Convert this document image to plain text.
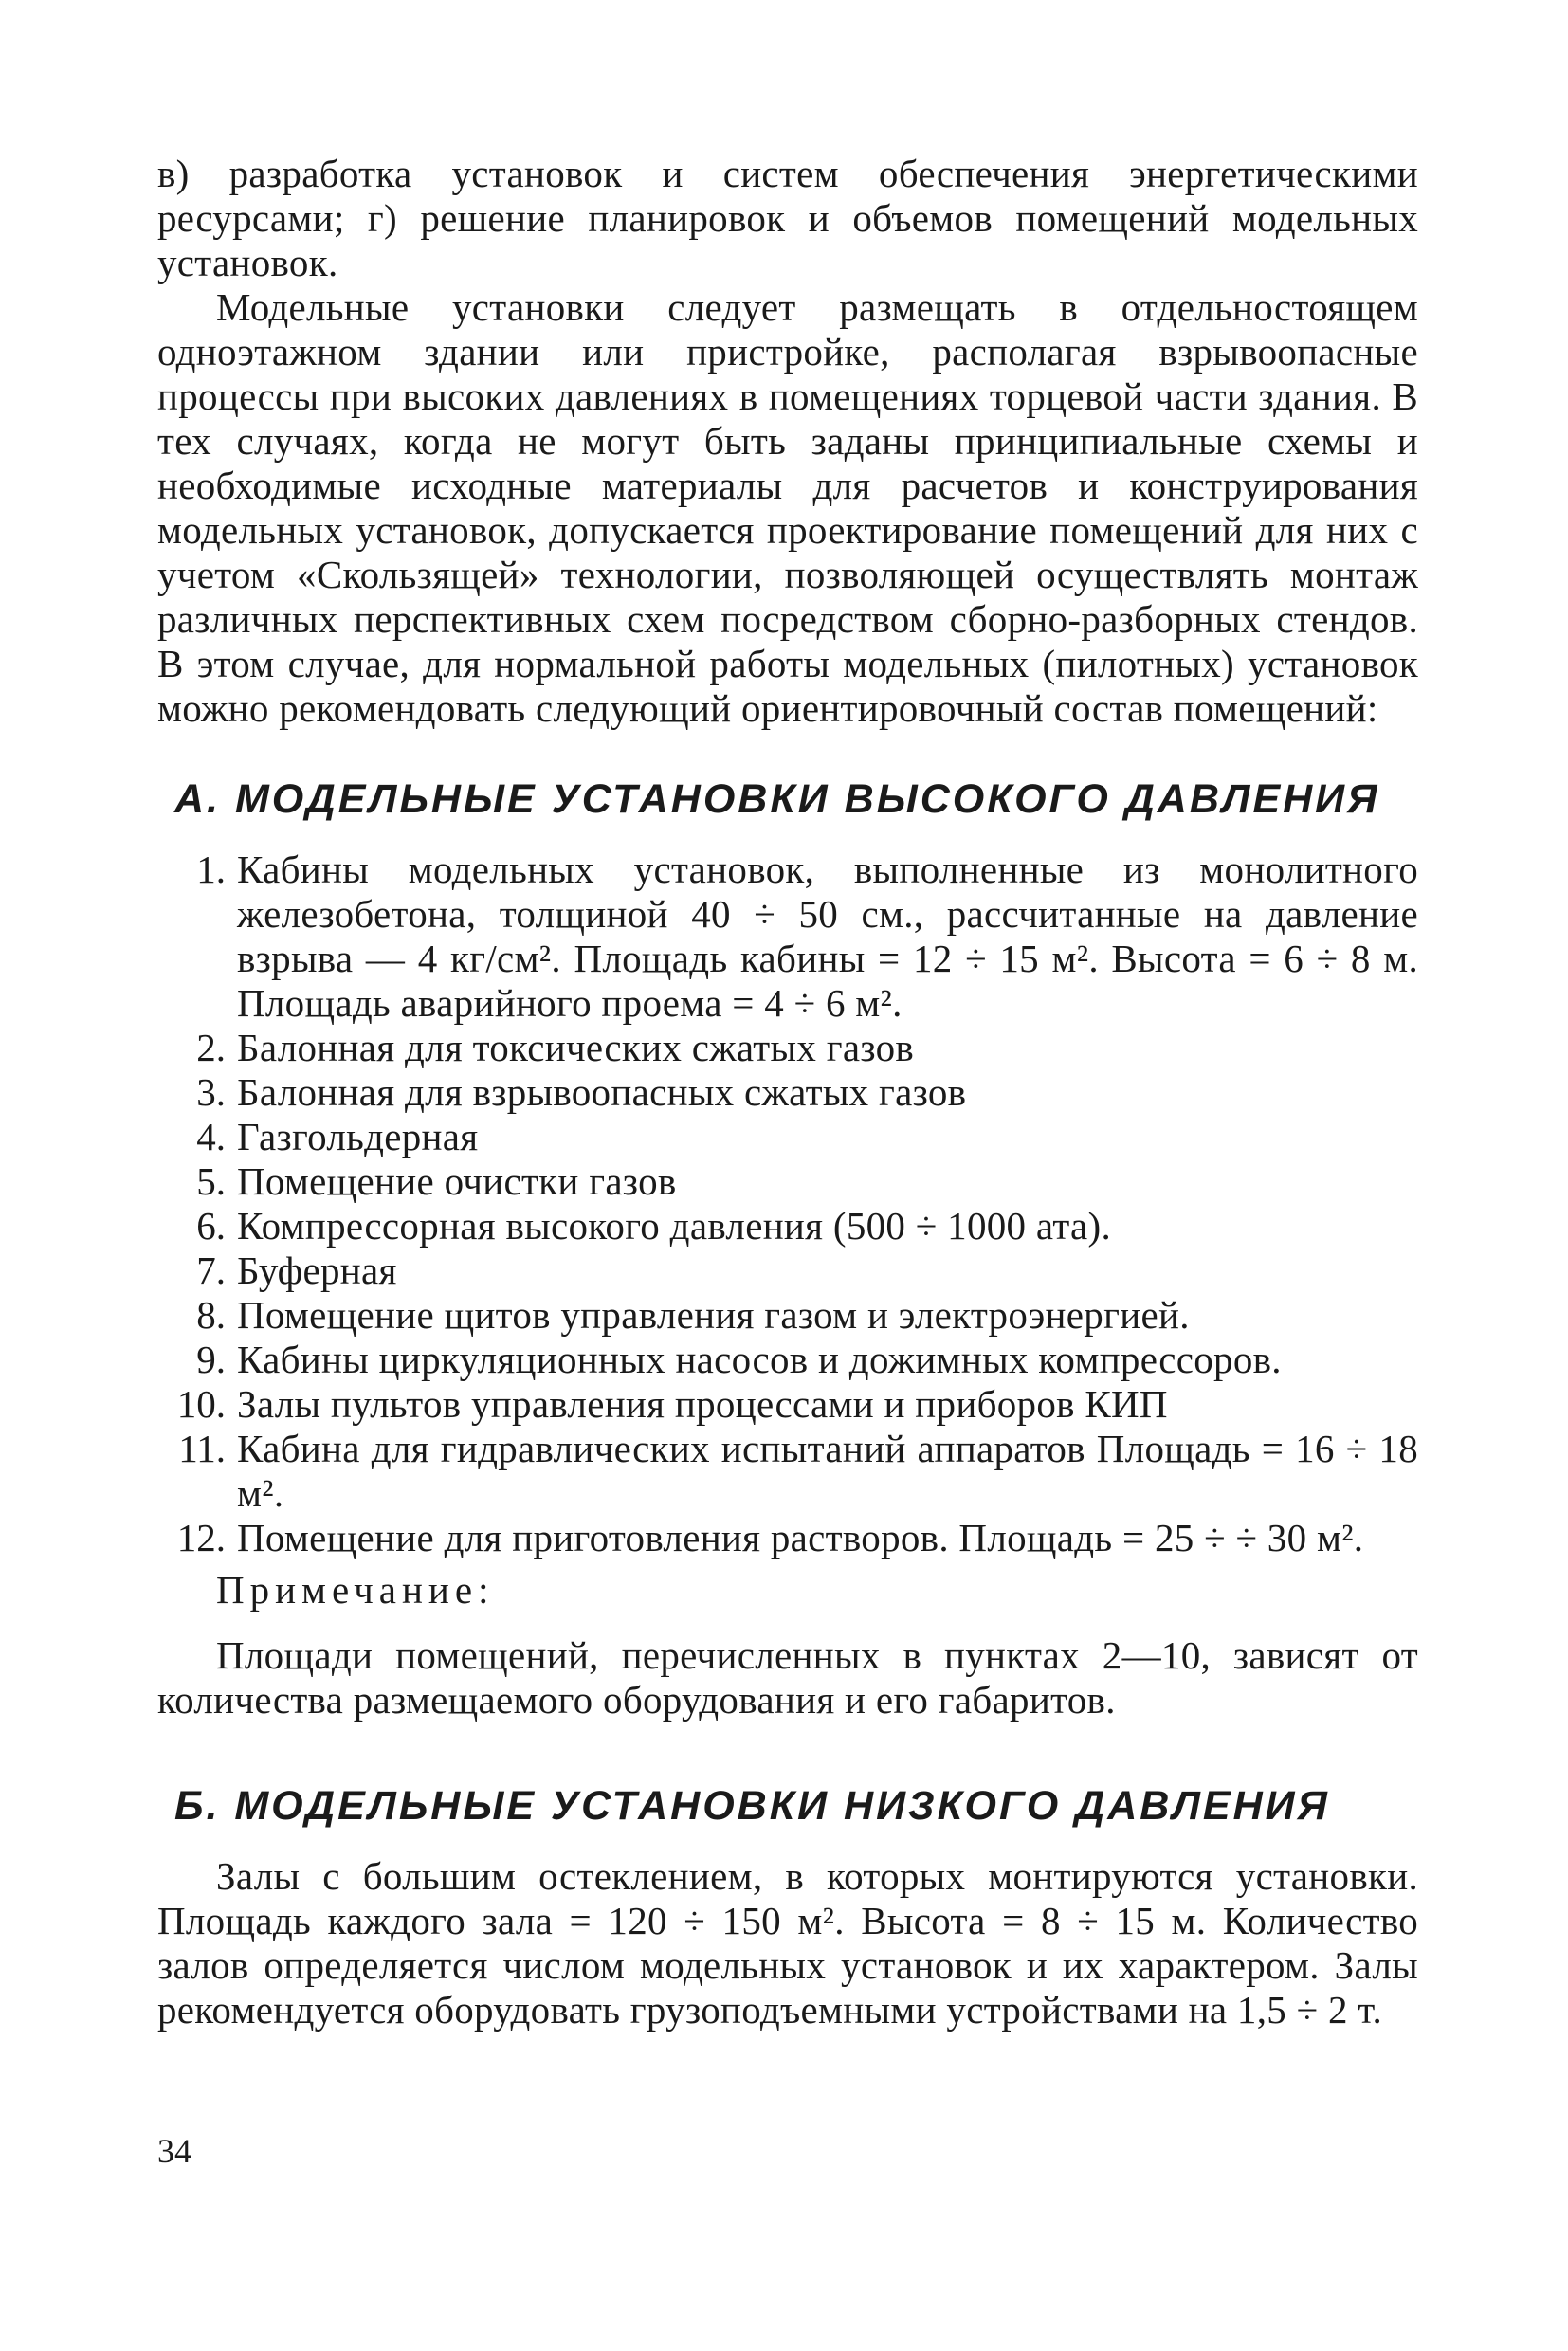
в) разработка установок и систем обеспечения энергетическими ресурсами; г) решение планировок и объемов помещений модельных установок.

Модельные установки следует размещать в отдельностоящем одноэтажном здании или пристройке, располагая взрывоопасные процессы при высоких давлениях в помещениях торцевой части здания. В тех случаях, когда не могут быть заданы принципиальные схемы и необходимые исходные материалы для расчетов и конструирования модельных установок, допускается проектирование помещений для них с учетом «Скользящей» технологии, позволяющей осуществлять монтаж различных перспективных схем посредством сборно-разборных стендов. В этом случае, для нормальной работы модельных (пилотных) установок можно рекомендовать следующий ориентировочный состав помещений:

А. МОДЕЛЬНЫЕ УСТАНОВКИ ВЫСОКОГО ДАВЛЕНИЯ
1. Кабины модельных установок, выполненные из монолитного железобетона, толщиной 40 ÷ 50 см., рассчитанные на давление взрыва — 4 кг/см². Площадь кабины = 12 ÷ 15 м². Высота = 6 ÷ 8 м. Площадь аварийного проема = 4 ÷ 6 м².
2. Балонная для токсических сжатых газов
3. Балонная для взрывоопасных сжатых газов
4. Газгольдерная
5. Помещение очистки газов
6. Компрессорная высокого давления (500 ÷ 1000 ата).
7. Буферная
8. Помещение щитов управления газом и электроэнергией.
9. Кабины циркуляционных насосов и дожимных компрессоров.
10. Залы пультов управления процессами и приборов КИП
11. Кабина для гидравлических испытаний аппаратов Площадь = 16 ÷ 18 м².
12. Помещение для приготовления растворов. Площадь = 25 ÷ ÷ 30 м².
Примечание:

Площади помещений, перечисленных в пунктах 2—10, зависят от количества размещаемого оборудования и его габаритов.

Б. МОДЕЛЬНЫЕ УСТАНОВКИ НИЗКОГО ДАВЛЕНИЯ

Залы с большим остеклением, в которых монтируются установки. Площадь каждого зала = 120 ÷ 150 м². Высота = 8 ÷ 15 м. Количество залов определяется числом модельных установок и их характером. Залы рекомендуется оборудовать грузоподъемными устройствами на 1,5 ÷ 2 т.

34
